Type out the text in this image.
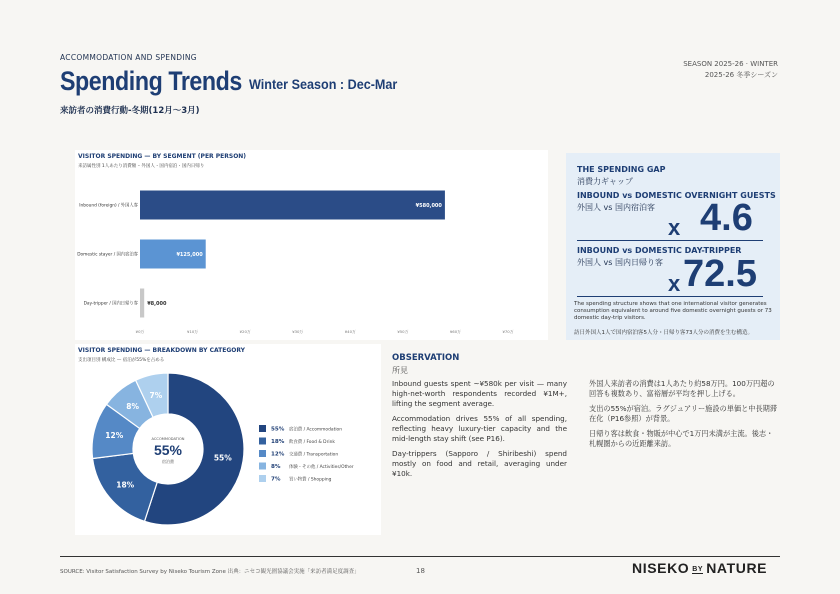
ACCOMMODATION AND SPENDING
Spending Trends Winter Season : Dec-Mar
来訪者の消費行動-冬期(12月〜3月)
SEASON 2025-26 · WINTER
2025-26 冬季シーズン
VISITOR SPENDING — BY SEGMENT (PER PERSON)
来訪属性別 1人あたり消費額 – 外国人・国内宿泊・国内日帰り
Inbound (foreign) / 外国人客	¥580,000
Domestic stayer / 国内宿泊客	¥125,000
Day-tripper / 国内日帰り客 ¥8,000
¥0万	¥10万	¥20万	¥30万	¥40万	¥50万	¥60万	¥70万
VISITOR SPENDING — BREAKDOWN BY CATEGORY
支出項目別 構成比 — 宿泊が55%を占める
55%
18%
12%
8%
7%
ACCOMMODATION
55%
宿泊費
55% 宿泊費 / Accommodation
18% 飲食費 / Food & Drink
12% 交通費 / Transportation
8% 体験・その他 / Activities/Other
7% 買い物費 / Shopping
THE SPENDING GAP
消費力ギャップ
INBOUND vs DOMESTIC OVERNIGHT GUESTS
外国人 vs 国内宿泊客
x 4.6
INBOUND vs DOMESTIC DAY-TRIPPER
外国人 vs 国内日帰り客
x 72.5
The spending structure shows that one international visitor generates consumption equivalent to around five domestic overnight guests or 73 domestic day-trip visitors.
訪日外国人1人で国内宿泊客5人分・日帰り客73人分の消費を生む構造。
OBSERVATION
所見

Inbound guests spent ~¥580k per visit — many high-net-worth respondents recorded ¥1M+, lifting the segment average.

Accommodation drives 55% of all spending, reflecting heavy luxury-tier capacity and the mid-length stay shift (see P16).

Day-trippers (Sapporo / Shiribeshi) spend mostly on food and retail, averaging under ¥10k.

外国人来訪者の消費は1人あたり約58万円。100万円超の回答も複数あり、富裕層が平均を押し上げる。

支出の55%が宿泊。ラグジュアリー施設の単価と中長期滞在化（P16参照）が背景。

日帰り客は飲食・物販が中心で1万円未満が主流。後志・札幌圏からの近距離来訪。

SOURCE: Visitor Satisfaction Survey by Niseko Tourism Zone 出典：ニセコ観光圏協議会実施「来訪者満足度調査」	18	NISEKO BY NATURE
